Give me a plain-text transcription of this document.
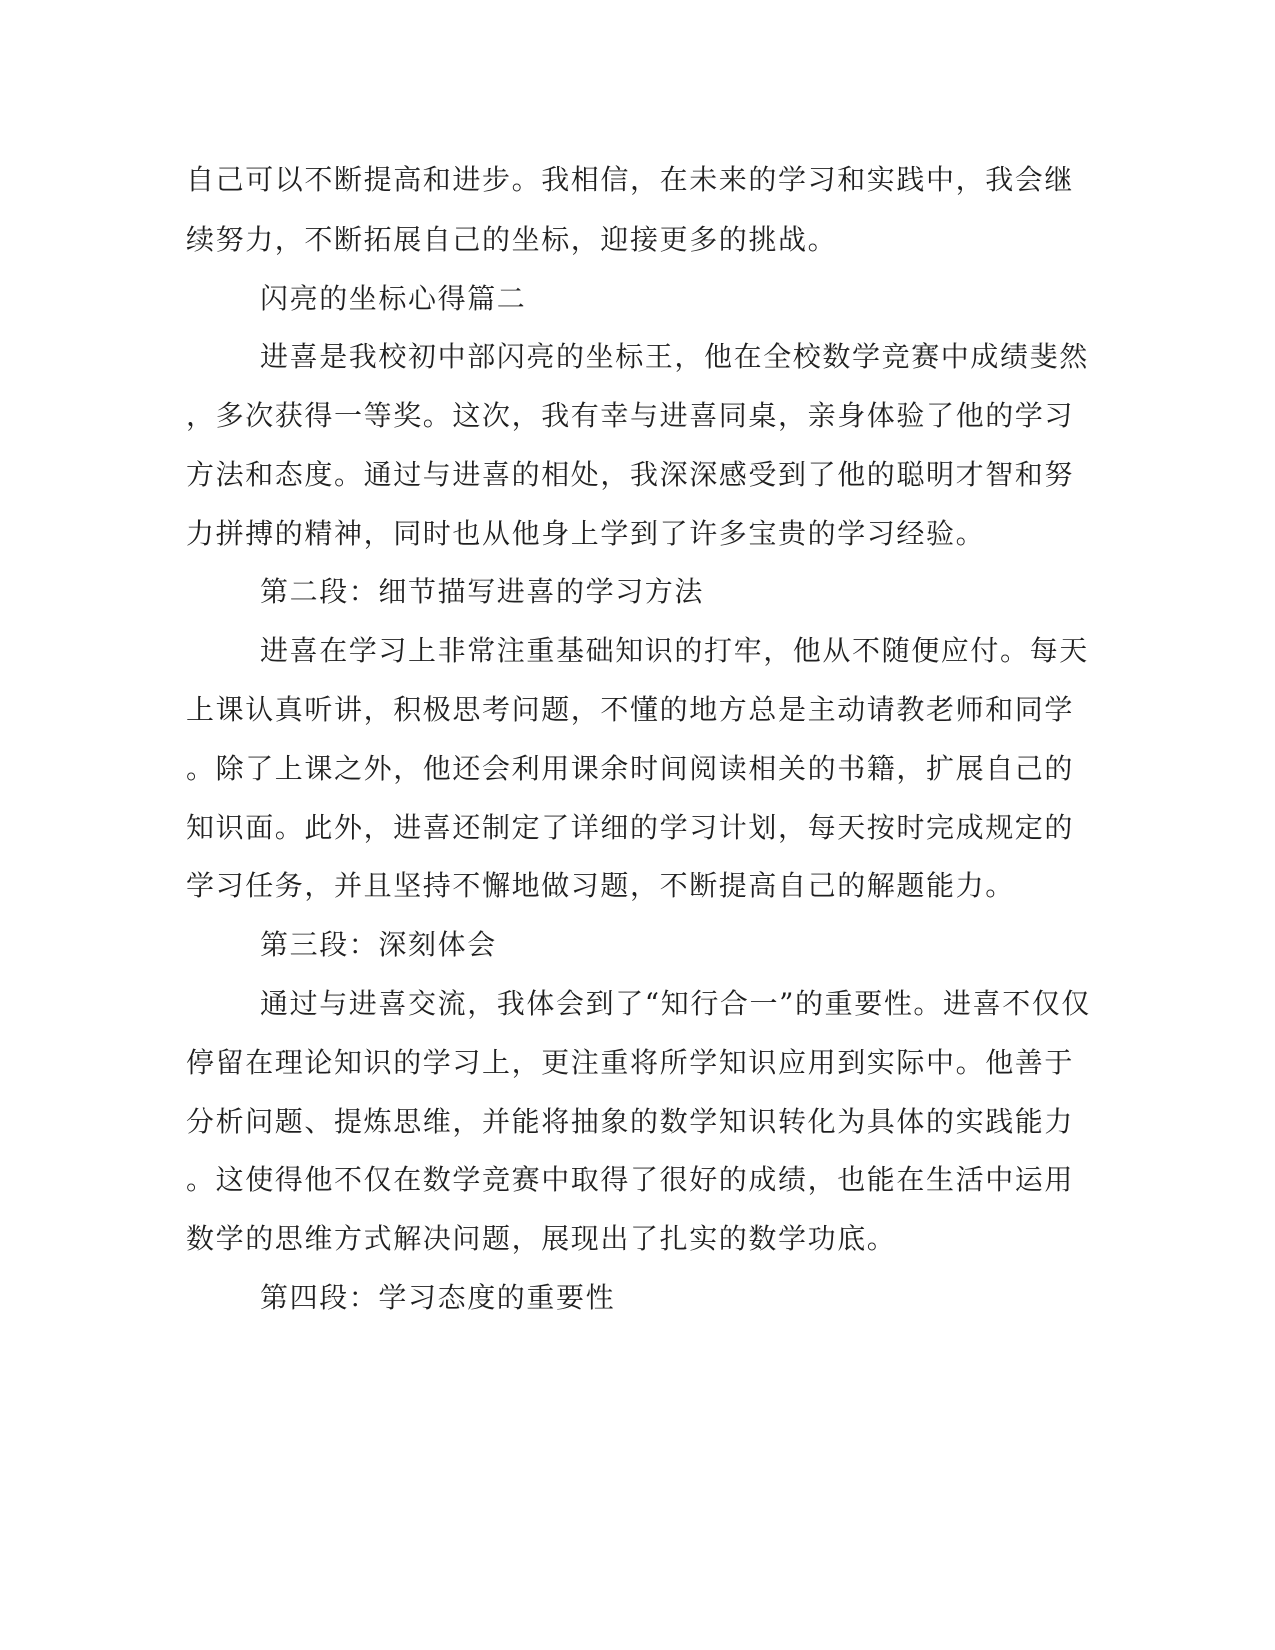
自己可以不断提高和进步。我相信，在未来的学习和实践中，我会继
续努力，不断拓展自己的坐标，迎接更多的挑战。
闪亮的坐标心得篇二
进喜是我校初中部闪亮的坐标王，他在全校数学竞赛中成绩斐然
，多次获得一等奖。这次，我有幸与进喜同桌，亲身体验了他的学习
方法和态度。通过与进喜的相处，我深深感受到了他的聪明才智和努
力拼搏的精神，同时也从他身上学到了许多宝贵的学习经验。
第二段：细节描写进喜的学习方法
进喜在学习上非常注重基础知识的打牢，他从不随便应付。每天
上课认真听讲，积极思考问题，不懂的地方总是主动请教老师和同学
。除了上课之外，他还会利用课余时间阅读相关的书籍，扩展自己的
知识面。此外，进喜还制定了详细的学习计划，每天按时完成规定的
学习任务，并且坚持不懈地做习题，不断提高自己的解题能力。
第三段：深刻体会
通过与进喜交流，我体会到了“知行合一”的重要性。进喜不仅仅
停留在理论知识的学习上，更注重将所学知识应用到实际中。他善于
分析问题、提炼思维，并能将抽象的数学知识转化为具体的实践能力
。这使得他不仅在数学竞赛中取得了很好的成绩，也能在生活中运用
数学的思维方式解决问题，展现出了扎实的数学功底。
第四段：学习态度的重要性
